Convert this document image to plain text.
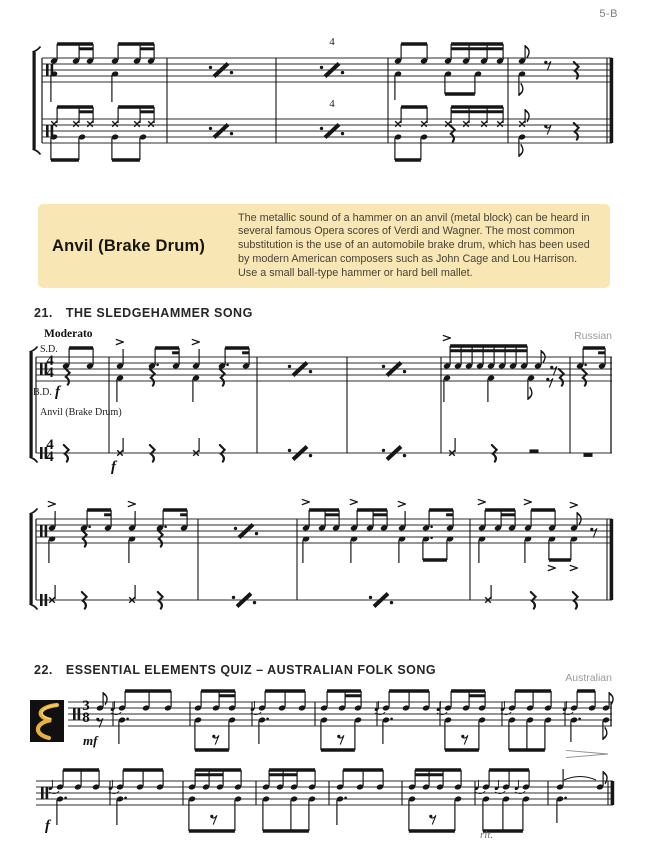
5-B
4
4
Anvil (Brake Drum)
The metallic sound of a hammer on an anvil (metal block) can be heard in several famous Opera scores of Verdi and Wagner. The most common substitution is the use of an automobile brake drum, which has been used by modern American composers such as John Cage and Lou Harrison. Use a small ball-type hammer or hard bell mallet.
21. THE SLEDGEHAMMER SONG
Russian
Moderato
S.D.
B.D. f
Anvil (Brake Drum)
f
4
4
4
4
22. ESSENTIAL ELEMENTS QUIZ – AUSTRALIAN FOLK SONG
Australian
3
8
mf
f
rit.
